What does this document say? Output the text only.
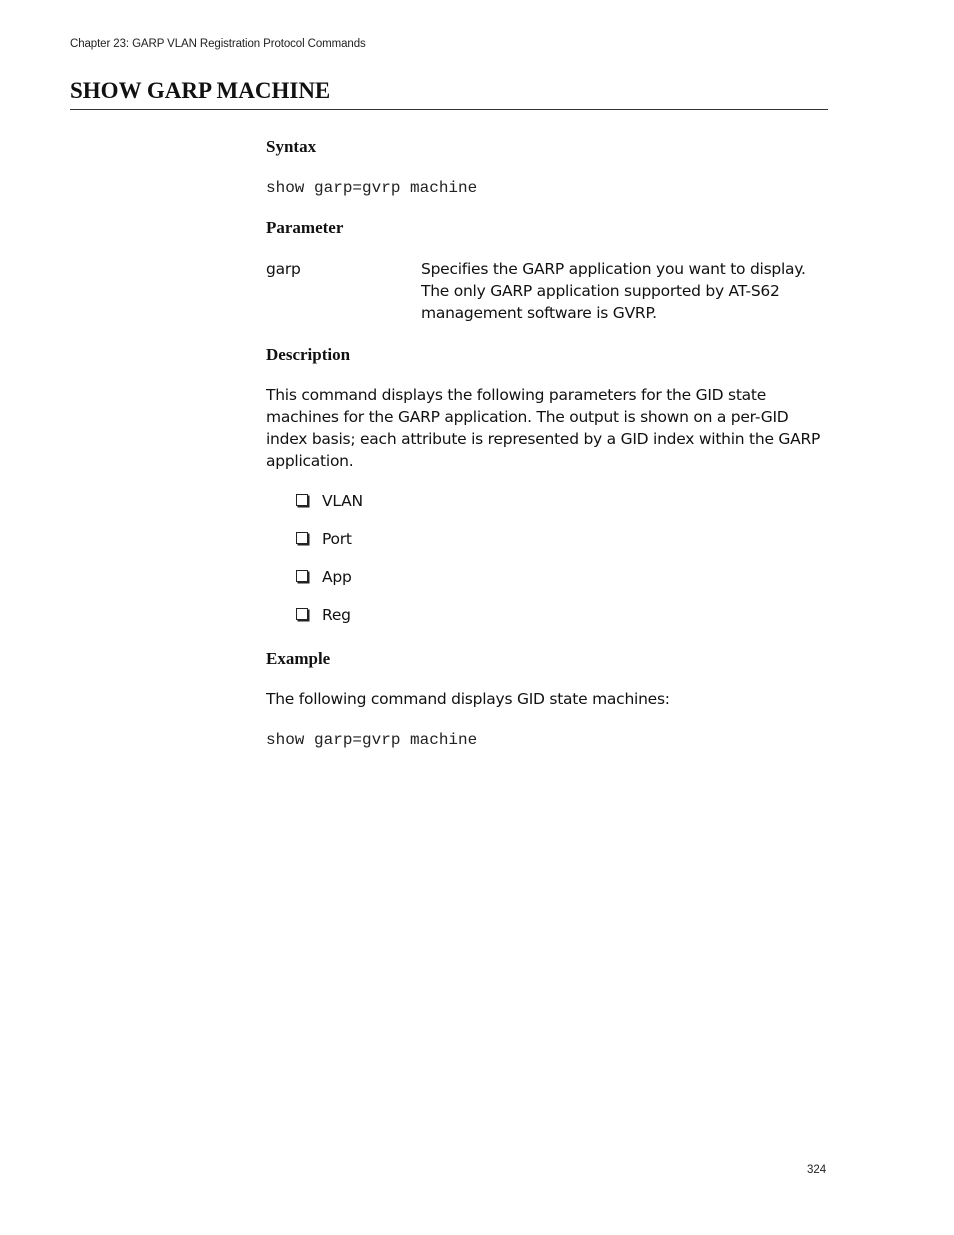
Chapter 23: GARP VLAN Registration Protocol Commands
SHOW GARP MACHINE
Syntax
show garp=gvrp machine
Parameter
garp	Specifies the GARP application you want to display. The only GARP application supported by AT-S62 management software is GVRP.
Description
This command displays the following parameters for the GID state machines for the GARP application. The output is shown on a per-GID index basis; each attribute is represented by a GID index within the GARP application.
VLAN
Port
App
Reg
Example
The following command displays GID state machines:
show garp=gvrp machine
324
